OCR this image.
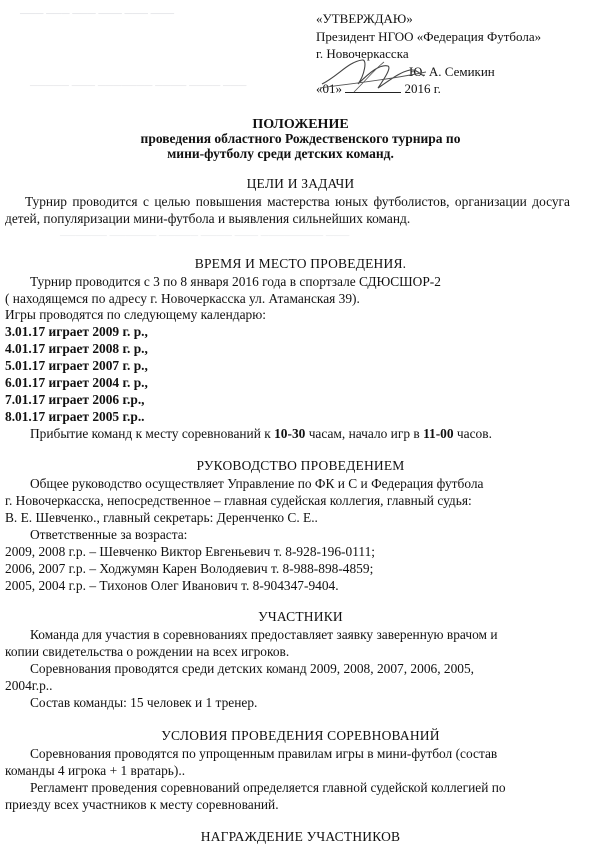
─── ─── ─── ─── ─── ───
───── ─── ─────── ──── ──── ───
────── ────── ───── ──── ─── ──────── ───
«УТВЕРЖДАЮ»
Президент НГОО «Федерация Футбола»
г. Новочеркасска
Ю. А. Семикин
«01»	2016 г.
ПОЛОЖЕНИЕ
проведения областного Рождественского турнира по
мини-футболу среди детских команд.
ЦЕЛИ И ЗАДАЧИ
Турнир проводится с целью повышения мастерства юных футболистов, организации досуга детей, популяризации мини-футбола и выявления сильнейших команд.
ВРЕМЯ И МЕСТО ПРОВЕДЕНИЯ.
Турнир проводится с 3 по 8 января 2016 года в спортзале СДЮСШОР-2
( находящемся по адресу г. Новочеркасска ул. Атаманская 39).
Игры проводятся по следующему календарю:
3.01.17 играет 2009 г. р.,
4.01.17 играет 2008 г. р.,
5.01.17 играет 2007 г. р.,
6.01.17 играет 2004 г. р.,
7.01.17 играет 2006 г.р.,
8.01.17 играет 2005 г.р..
Прибытие команд к месту соревнований к 10-30 часам, начало игр в 11-00 часов.
РУКОВОДСТВО ПРОВЕДЕНИЕМ
Общее руководство осуществляет Управление по ФК и С и Федерация футбола
г. Новочеркасска, непосредственное – главная судейская коллегия, главный судья:
В. Е. Шевченко., главный секретарь: Деренченко С. Е..
Ответственные за возраста:
2009, 2008 г.р. – Шевченко Виктор Евгеньевич т. 8-928-196-0111;
2006, 2007 г.р. – Ходжумян Карен Володяевич т. 8-988-898-4859;
2005, 2004 г.р. – Тихонов Олег Иванович т. 8-904347-9404.
УЧАСТНИКИ
Команда для участия в соревнованиях предоставляет заявку заверенную врачом и
копии свидетельства о рождении на всех игроков.
Соревнования проводятся среди детских команд 2009, 2008, 2007, 2006, 2005,
2004г.р..
Состав команды: 15 человек и 1 тренер.
УСЛОВИЯ ПРОВЕДЕНИЯ СОРЕВНОВАНИЙ
Соревнования проводятся по упрощенным правилам игры в мини-футбол (состав
команды 4 игрока + 1 вратарь)..
Регламент проведения соревнований определяется главной судейской коллегией по
приезду всех участников к месту соревнований.
НАГРАЖДЕНИЕ УЧАСТНИКОВ
